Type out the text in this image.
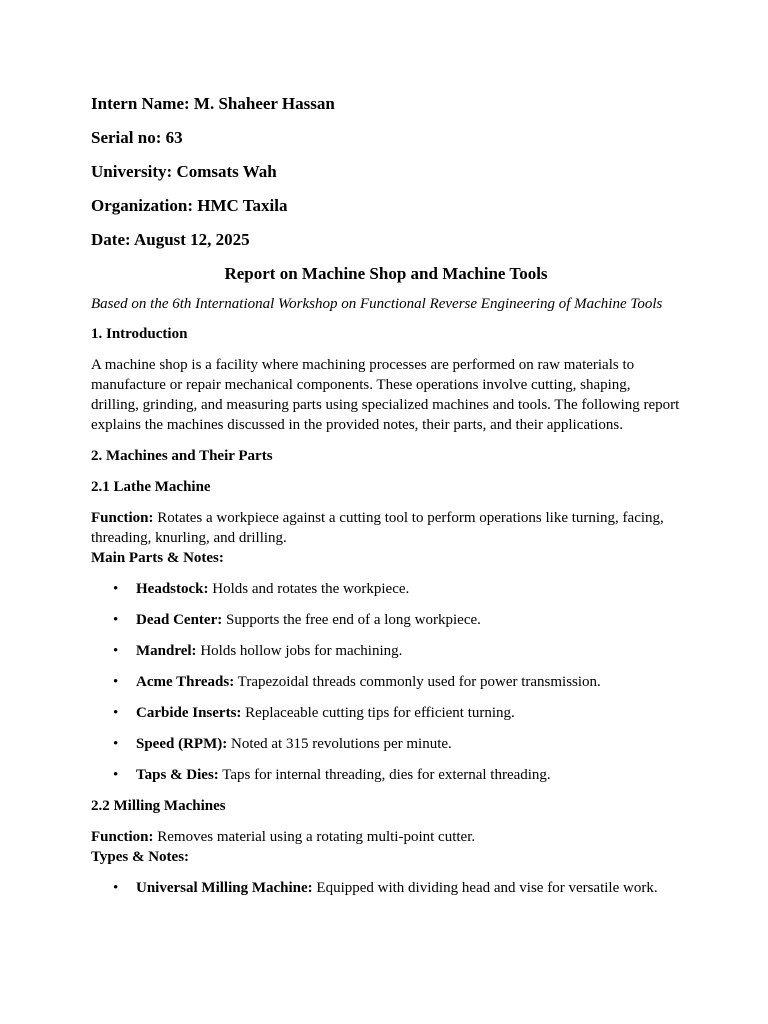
Intern Name: M. Shaheer Hassan
Serial no: 63
University: Comsats Wah
Organization: HMC Taxila
Date: August 12, 2025
Report on Machine Shop and Machine Tools
Based on the 6th International Workshop on Functional Reverse Engineering of Machine Tools
1. Introduction
A machine shop is a facility where machining processes are performed on raw materials to manufacture or repair mechanical components. These operations involve cutting, shaping, drilling, grinding, and measuring parts using specialized machines and tools. The following report explains the machines discussed in the provided notes, their parts, and their applications.
2. Machines and Their Parts
2.1 Lathe Machine
Function: Rotates a workpiece against a cutting tool to perform operations like turning, facing, threading, knurling, and drilling.
Main Parts & Notes:
• Headstock: Holds and rotates the workpiece.
• Dead Center: Supports the free end of a long workpiece.
• Mandrel: Holds hollow jobs for machining.
• Acme Threads: Trapezoidal threads commonly used for power transmission.
• Carbide Inserts: Replaceable cutting tips for efficient turning.
• Speed (RPM): Noted at 315 revolutions per minute.
• Taps & Dies: Taps for internal threading, dies for external threading.
2.2 Milling Machines
Function: Removes material using a rotating multi-point cutter.
Types & Notes:
• Universal Milling Machine: Equipped with dividing head and vise for versatile work.
